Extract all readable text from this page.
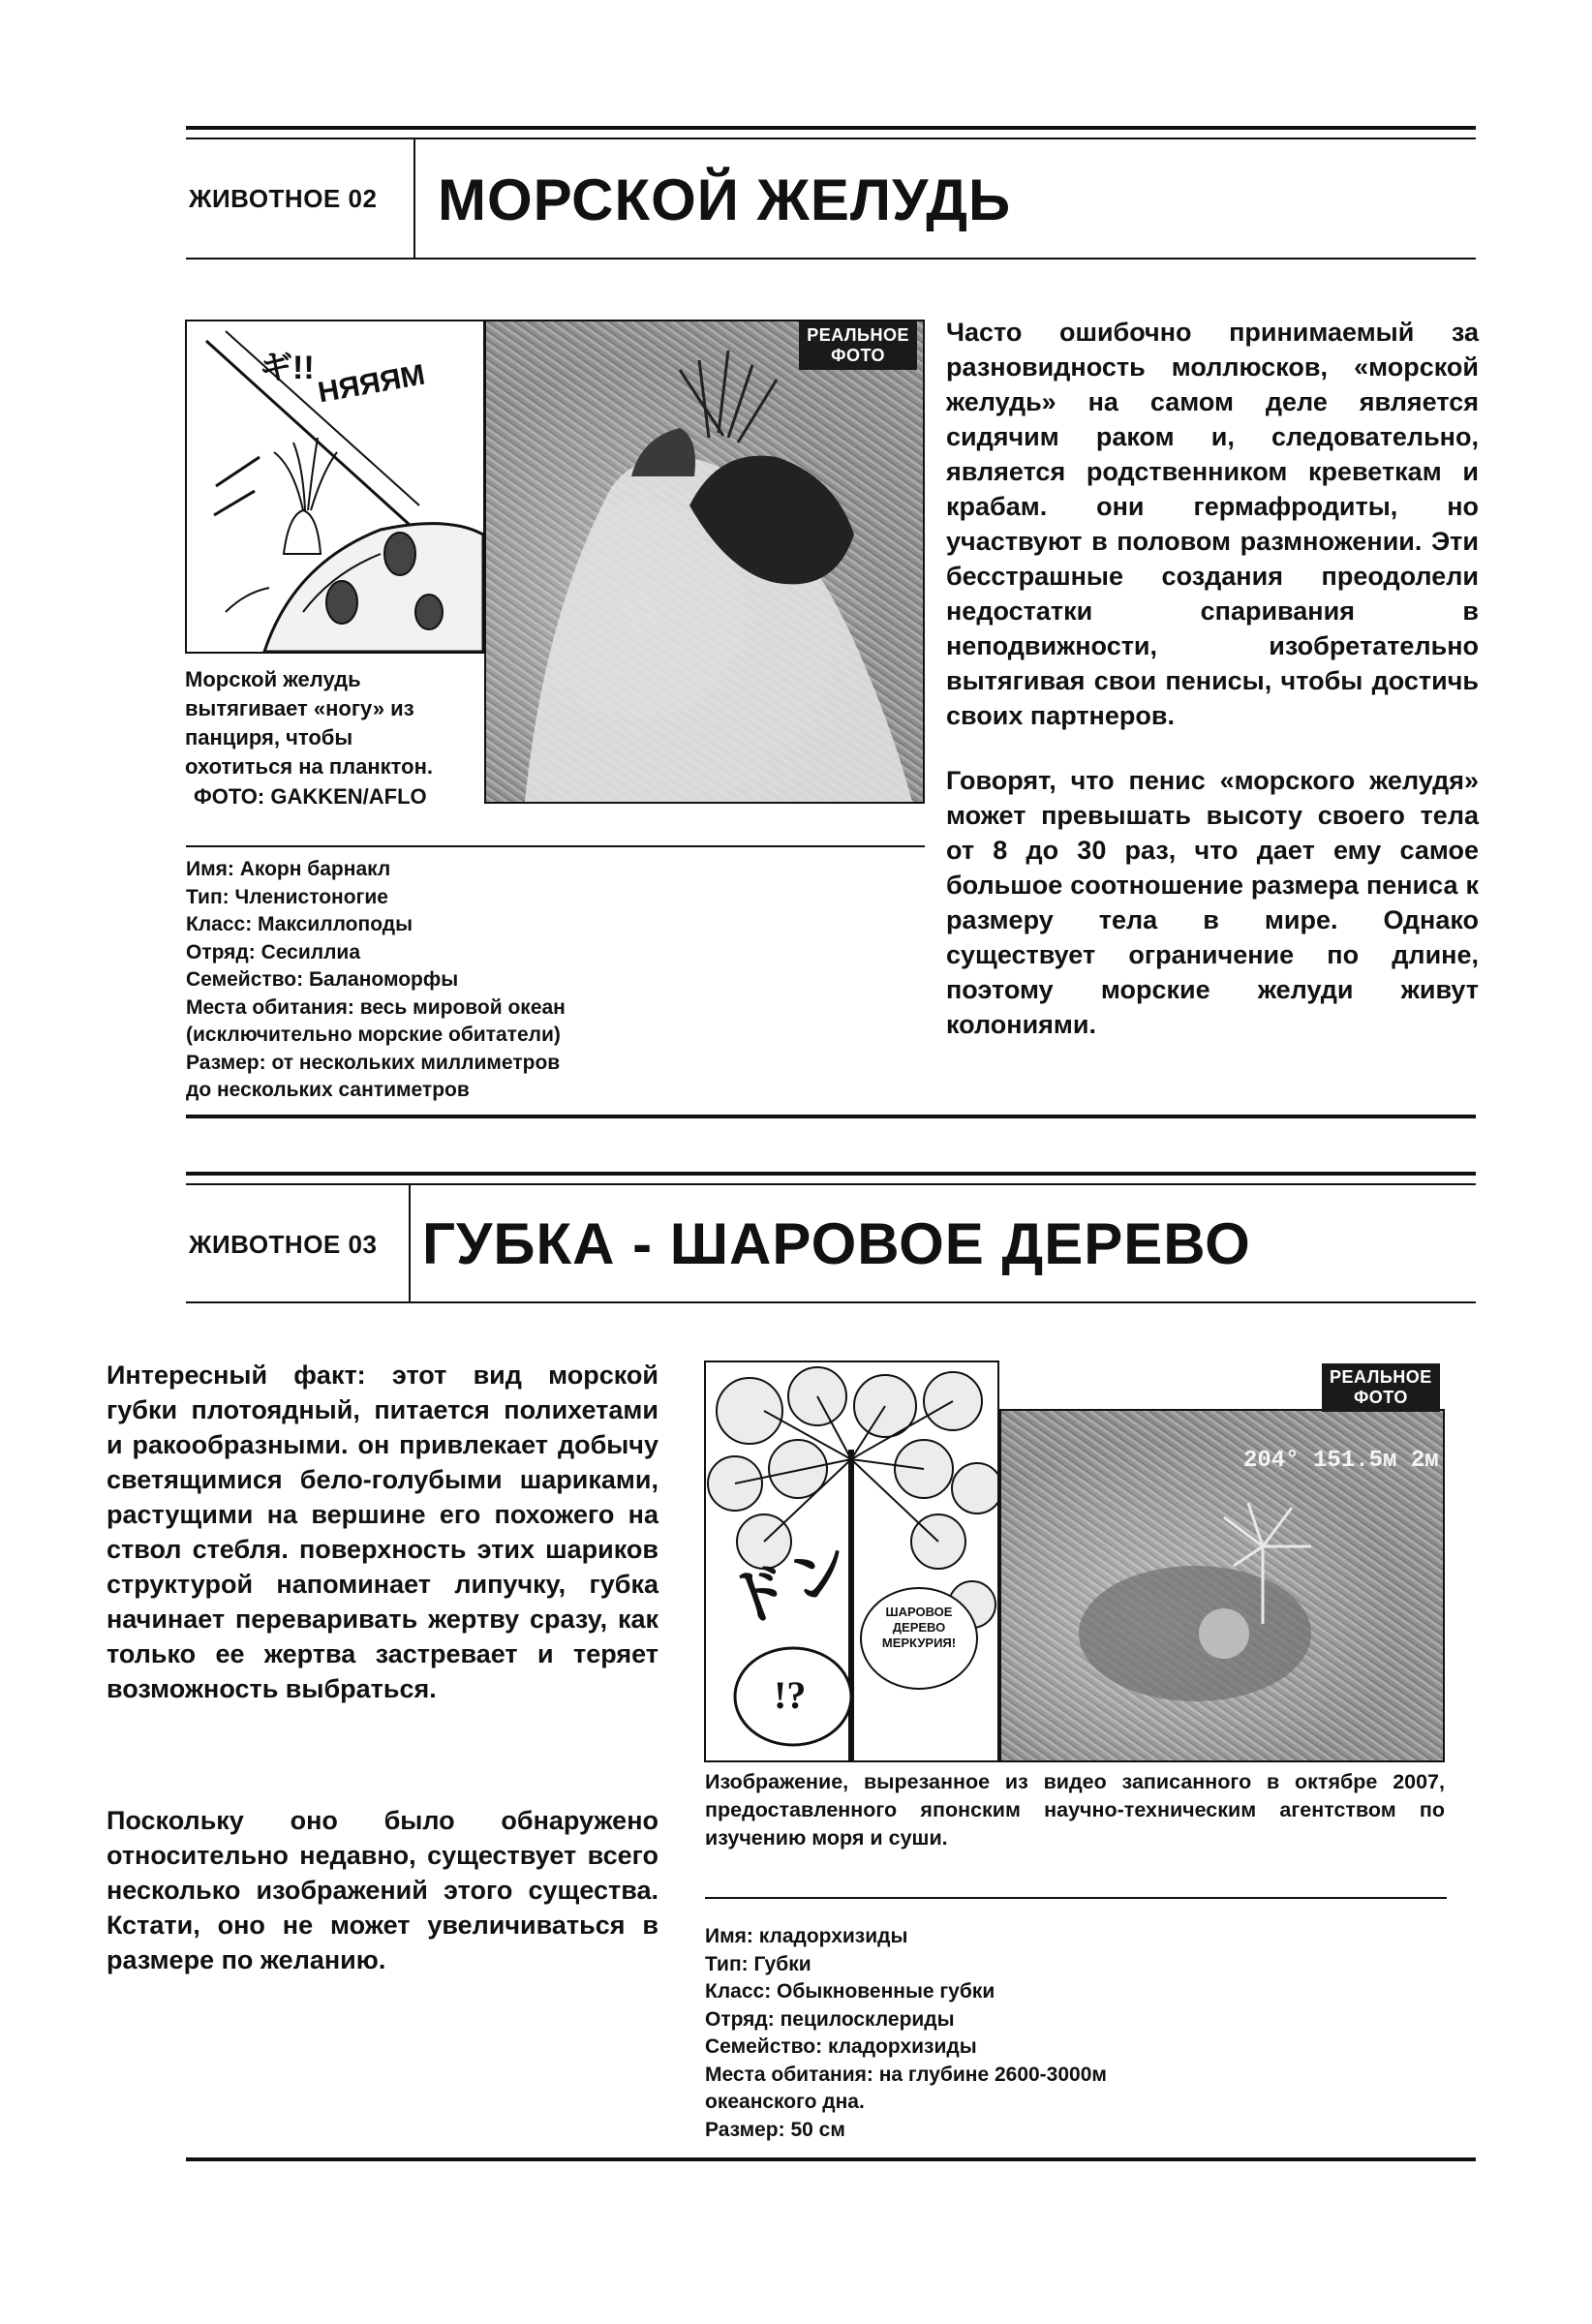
ЖИВОТНОЕ 02 МОРСКОЙ ЖЕЛУДЬ
ギ!! НЯЯЯМ

Морской желудь вытягивает «ногу» из панциря, чтобы охотиться на планктон.

ФОТО: GAKKEN/AFLO
РЕАЛЬНОЕ
ФОТО

Часто ошибочно принимаемый за разновидность моллюсков, «морской желудь» на самом деле является сидячим раком и, следовательно, является родственником креветкам и крабам. они гермафродиты, но участвуют в половом размножении. Эти бесстрашные создания преодолели недостатки спаривания в неподвижности, изобретательно вытягивая свои пенисы, чтобы достичь своих партнеров.

Говорят, что пенис «морского желудя» может превышать высоту своего тела от 8 до 30 раз, что дает ему самое большое соотношение размера пениса к размеру тела в мире. Однако существует ограничение по длине, поэтому морские желуди живут колониями.

Имя: Акорн барнакл
Тип: Членистоногие
Класс: Максиллоподы
Отряд: Сесиллиа
Семейство: Баланоморфы
Места обитания: весь мировой океан
(исключительно морские обитатели)
Размер: от нескольких миллиметров
до нескольких сантиметров
ЖИВОТНОЕ 03 ГУБКА - ШАРОВОЕ ДЕРЕВО

Интересный факт: этот вид морской губки плотоядный, питается полихетами и ракообразными. он привлекает добычу светящимися бело-голубыми шариками, растущими на вершине его похожего на ствол стебля. поверхность этих шариков структурой напоминает липучку, губка начинает переваривать жертву сразу, как только ее жертва застревает и теряет возможность выбраться.

Поскольку оно было обнаружено относительно недавно, существует всего несколько изображений этого существа. Кстати, оно не может увеличиваться в размере по желанию.

ド ン	ШАРОВОЕ ДЕРЕВО МЕРКУРИЯ!
!?
204° 151.5м 2м
РЕАЛЬНОЕ
ФОТО

Изображение, вырезанное из видео записанного в октябре 2007, предоставленного японским научно-техническим агентством по изучению моря и суши.

Имя: кладорхизиды
Тип: Губки
Класс: Обыкновенные губки
Отряд: пецилосклериды
Семейство: кладорхизиды
Места обитания: на глубине 2600-3000м
океанского дна.
Размер: 50 см
